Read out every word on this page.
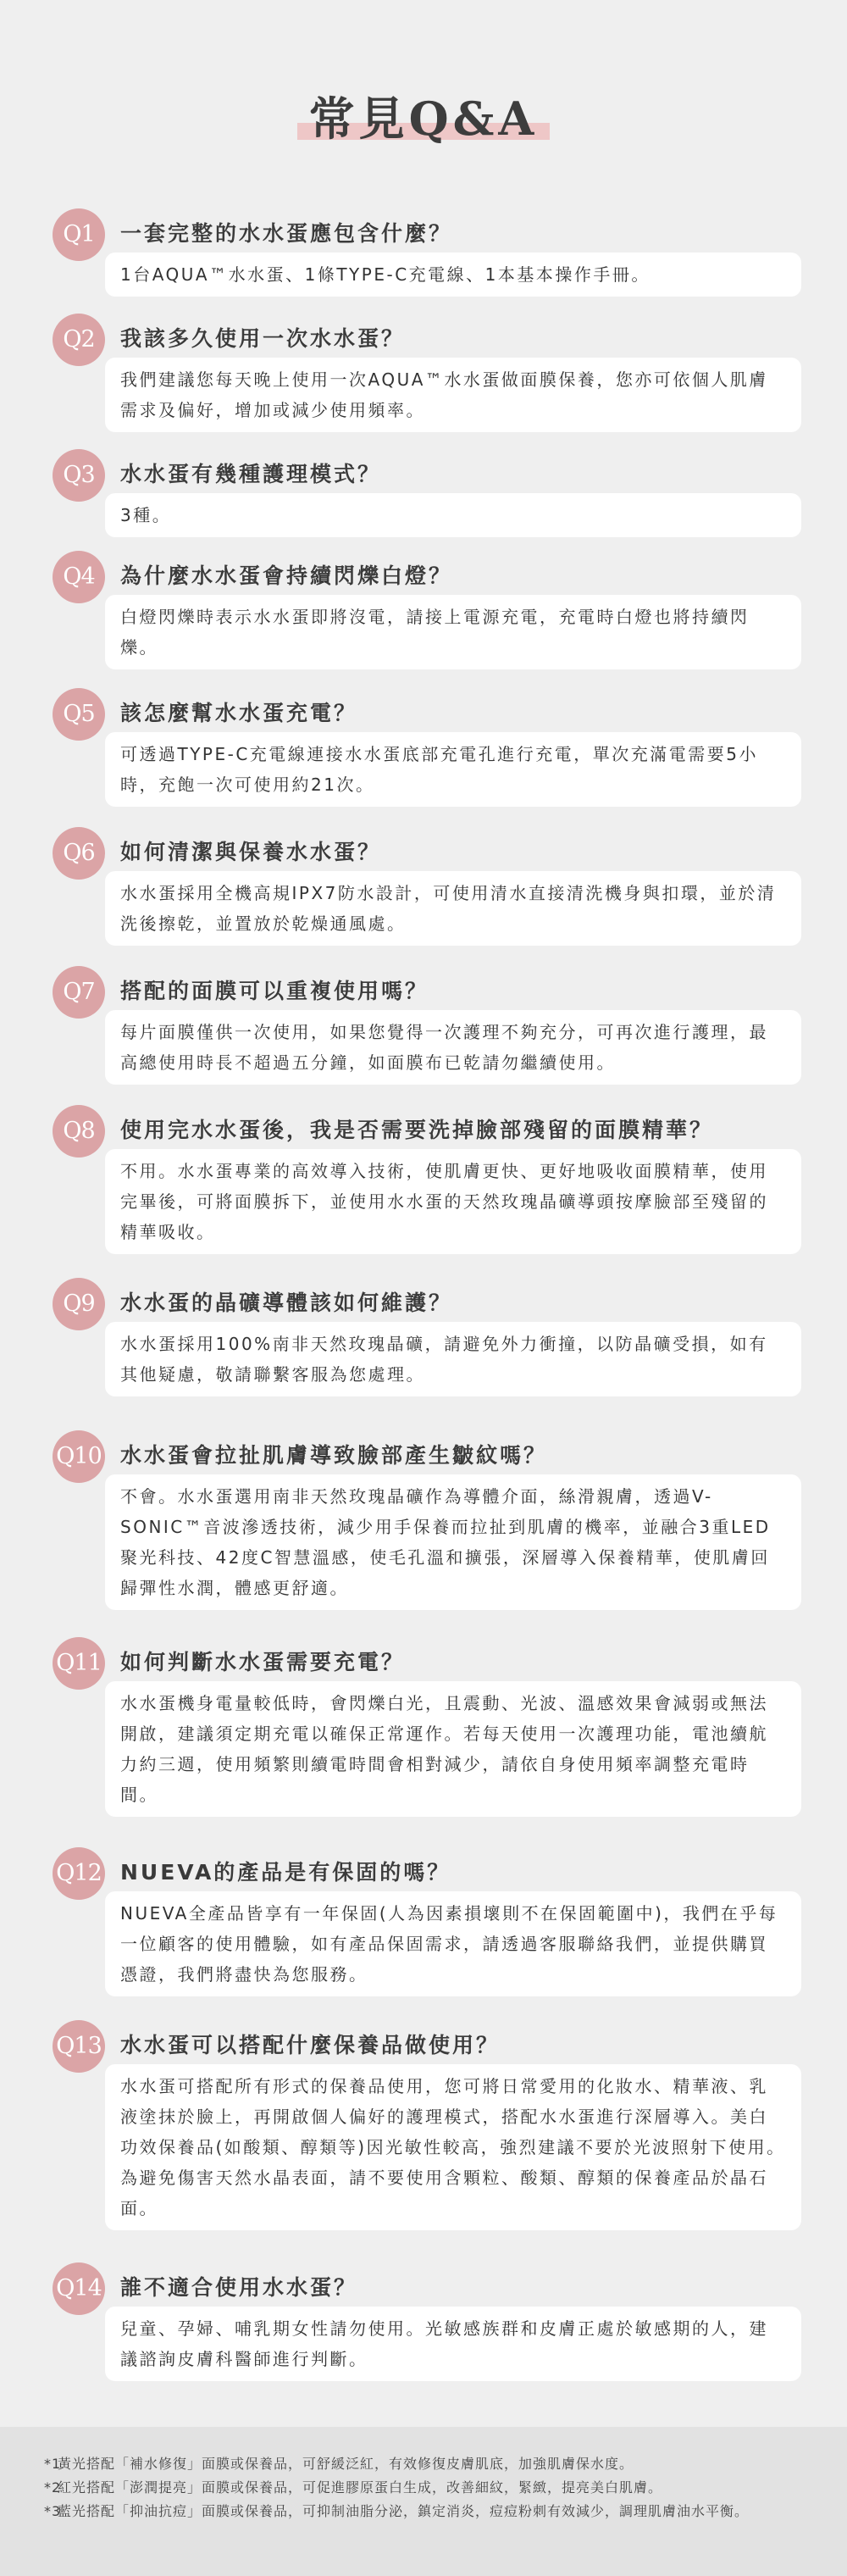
常見Q&A
Q1	一套完整的水水蛋應包含什麼？
1台AQUA™水水蛋、1條TYPE-C充電線、1本基本操作手冊。
Q2	我該多久使用一次水水蛋？
我們建議您每天晚上使用一次AQUA™水水蛋做面膜保養，您亦可依個人肌膚需求及偏好，增加或減少使用頻率。
Q3	水水蛋有幾種護理模式？
3種。
Q4	為什麼水水蛋會持續閃爍白燈？
白燈閃爍時表示水水蛋即將沒電，請接上電源充電，充電時白燈也將持續閃爍。
Q5	該怎麼幫水水蛋充電？
可透過TYPE-C充電線連接水水蛋底部充電孔進行充電，單次充滿電需要5小時，充飽一次可使用約21次。
Q6	如何清潔與保養水水蛋？
水水蛋採用全機高規IPX7防水設計，可使用清水直接清洗機身與扣環，並於清洗後擦乾，並置放於乾燥通風處。
Q7	搭配的面膜可以重複使用嗎？
每片面膜僅供一次使用，如果您覺得一次護理不夠充分，可再次進行護理，最高總使用時長不超過五分鐘，如面膜布已乾請勿繼續使用。
Q8	使用完水水蛋後，我是否需要洗掉臉部殘留的面膜精華？
不用。水水蛋專業的高效導入技術，使肌膚更快、更好地吸收面膜精華，使用完畢後，可將面膜拆下，並使用水水蛋的天然玫瑰晶礦導頭按摩臉部至殘留的精華吸收。
Q9	水水蛋的晶礦導體該如何維護？
水水蛋採用100%南非天然玫瑰晶礦，請避免外力衝撞，以防晶礦受損，如有其他疑慮，敬請聯繫客服為您處理。
Q10 水水蛋會拉扯肌膚導致臉部產生皺紋嗎？
不會。水水蛋選用南非天然玫瑰晶礦作為導體介面，絲滑親膚，透過V-SONIC™音波滲透技術，減少用手保養而拉扯到肌膚的機率，並融合3重LED聚光科技、42度C智慧溫感，使毛孔溫和擴張，深層導入保養精華，使肌膚回歸彈性水潤，體感更舒適。
Q11 如何判斷水水蛋需要充電？
水水蛋機身電量較低時，會閃爍白光，且震動、光波、溫感效果會減弱或無法開啟，建議須定期充電以確保正常運作。若每天使用一次護理功能，電池續航力約三週，使用頻繁則續電時間會相對減少，請依自身使用頻率調整充電時間。
Q12 NUEVA的產品是有保固的嗎？
NUEVA全產品皆享有一年保固(人為因素損壞則不在保固範圍中)，我們在乎每一位顧客的使用體驗，如有產品保固需求，請透過客服聯絡我們，並提供購買憑證，我們將盡快為您服務。
Q13 水水蛋可以搭配什麼保養品做使用？
水水蛋可搭配所有形式的保養品使用，您可將日常愛用的化妝水、精華液、乳液塗抹於臉上，再開啟個人偏好的護理模式，搭配水水蛋進行深層導入。美白功效保養品(如酸類、醇類等)因光敏性較高，強烈建議不要於光波照射下使用。為避免傷害天然水晶表面，請不要使用含顆粒、酸類、醇類的保養產品於晶石面。
Q14 誰不適合使用水水蛋？
兒童、孕婦、哺乳期女性請勿使用。光敏感族群和皮膚正處於敏感期的人，建議諮詢皮膚科醫師進行判斷。
*1
黃光搭配「補水修復」面膜或保養品，可舒緩泛紅，有效修復皮膚肌底，加強肌膚保水度。
*2
紅光搭配「澎潤提亮」面膜或保養品，可促進膠原蛋白生成，改善細紋，緊緻，提亮美白肌膚。
*3
藍光搭配「抑油抗痘」面膜或保養品，可抑制油脂分泌，鎮定消炎，痘痘粉刺有效減少，調理肌膚油水平衡。
